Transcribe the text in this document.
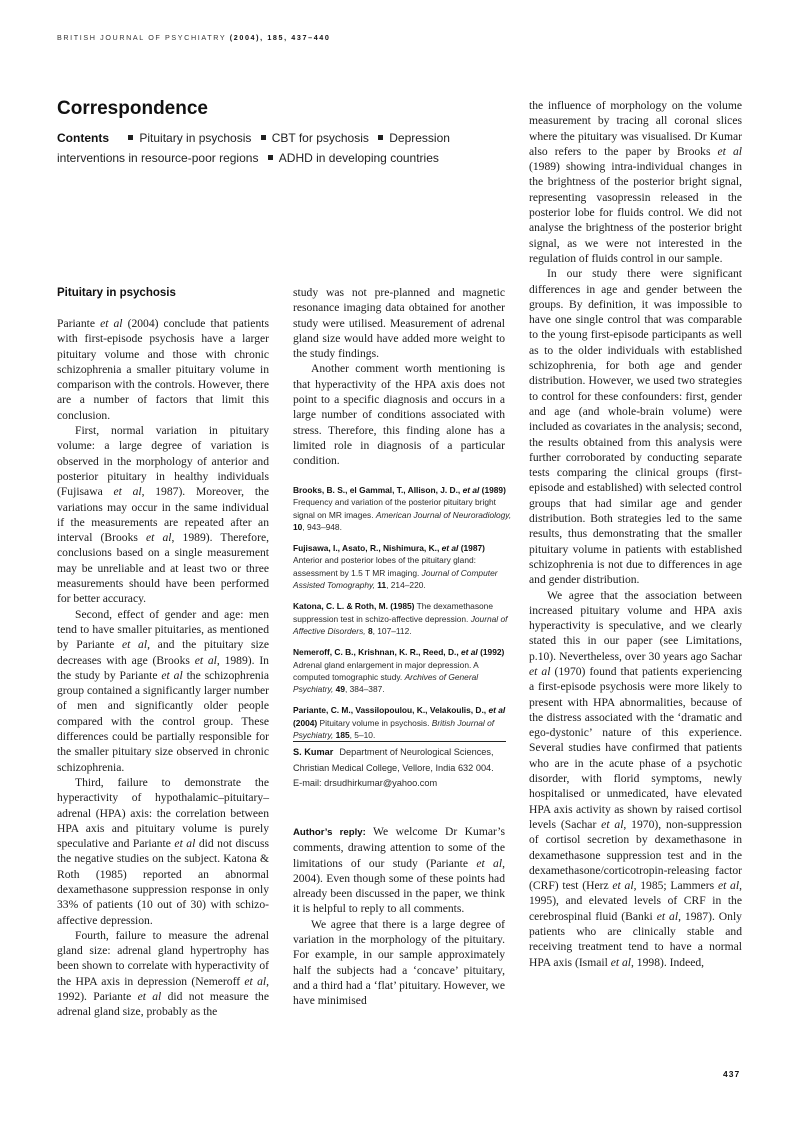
BRITISH JOURNAL OF PSYCHIATRY (2004), 185, 437–440
Correspondence
Contents	Pituitary in psychosis CBT for psychosis Depression interventions in resource-poor regions ADHD in developing countries
Pituitary in psychosis

Pariante et al (2004) conclude that patients with first-episode psychosis have a larger pituitary volume and those with chronic schizophrenia a smaller pituitary volume in comparison with the controls. However, there are a number of factors that limit this conclusion.

First, normal variation in pituitary volume: a large degree of variation is observed in the morphology of anterior and posterior pituitary in healthy individuals (Fujisawa et al, 1987). Moreover, the variations may occur in the same individual if the measurements are repeated after an interval (Brooks et al, 1989). Therefore, conclusions based on a single measurement may be unreliable and at least two or three measurements should have been performed for better accuracy.

Second, effect of gender and age: men tend to have smaller pituitaries, as mentioned by Pariante et al, and the pituitary size decreases with age (Brooks et al, 1989). In the study by Pariante et al the schizophrenia group contained a significantly larger number of men and significantly older people compared with the control group. These differences could be partially responsible for the smaller pituitary size observed in chronic schizophrenia.

Third, failure to demonstrate the hyperactivity of hypothalamic–pituitary–adrenal (HPA) axis: the correlation between HPA axis and pituitary volume is purely speculative and Pariante et al did not discuss the negative studies on the subject. Katona & Roth (1985) reported an abnormal dexamethasone suppression response in only 33% of patients (10 out of 30) with schizo-affective depression.

Fourth, failure to measure the adrenal gland size: adrenal gland hypertrophy has been shown to correlate with hyperactivity of the HPA axis in depression (Nemeroff et al, 1992). Pariante et al did not measure the adrenal gland size, probably as the

study was not pre-planned and magnetic resonance imaging data obtained for another study were utilised. Measurement of adrenal gland size would have added more weight to the study findings.

Another comment worth mentioning is that hyperactivity of the HPA axis does not point to a specific diagnosis and occurs in a large number of conditions associated with stress. Therefore, this finding alone has a limited role in diagnosis of a particular condition.

Brooks, B. S., el Gammal, T., Allison, J. D., et al (1989) Frequency and variation of the posterior pituitary bright signal on MR images. American Journal of Neuroradiology, 10, 943–948.
Fujisawa, I., Asato, R., Nishimura, K., et al (1987) Anterior and posterior lobes of the pituitary gland: assessment by 1.5 T MR imaging. Journal of Computer Assisted Tomography, 11, 214–220.
Katona, C. L. & Roth, M. (1985) The dexamethasone suppression test in schizo-affective depression. Journal of Affective Disorders, 8, 107–112.
Nemeroff, C. B., Krishnan, K. R., Reed, D., et al (1992) Adrenal gland enlargement in major depression. A computed tomographic study. Archives of General Psychiatry, 49, 384–387.
Pariante, C. M., Vassilopoulou, K., Velakoulis, D., et al (2004) Pituitary volume in psychosis. British Journal of Psychiatry, 185, 5–10.
S. Kumar Department of Neurological Sciences, Christian Medical College, Vellore, India 632 004.
E-mail: drsudhirkumar@yahoo.com

Author’s reply: We welcome Dr Kumar’s comments, drawing attention to some of the limitations of our study (Pariante et al, 2004). Even though some of these points had already been discussed in the paper, we think it is helpful to reply to all comments.

We agree that there is a large degree of variation in the morphology of the pituitary. For example, in our sample approximately half the subjects had a ‘concave’ pituitary, and a third had a ‘flat’ pituitary. However, we have minimised

the influence of morphology on the volume measurement by tracing all coronal slices where the pituitary was visualised. Dr Kumar also refers to the paper by Brooks et al (1989) showing intra-individual changes in the brightness of the posterior bright signal, representing vasopressin released in the posterior lobe for fluids control. We did not analyse the brightness of the posterior bright signal, as we were not interested in the regulation of fluids control in our sample.

In our study there were significant differences in age and gender between the groups. By definition, it was impossible to have one single control that was comparable to the young first-episode participants as well as to the older individuals with established schizophrenia, for both age and gender distribution. However, we used two strategies to control for these confounders: first, gender and age (and whole-brain volume) were included as covariates in the analysis; second, the results obtained from this analysis were further corroborated by conducting separate tests comparing the clinical groups (first-episode and established) with selected control groups that had similar age and gender distribution. Both strategies led to the same results, thus demonstrating that the smaller pituitary volume in patients with established schizophrenia is not due to differences in age and gender distribution.

We agree that the association between increased pituitary volume and HPA axis hyperactivity is speculative, and we clearly stated this in our paper (see Limitations, p.10). Nevertheless, over 30 years ago Sachar et al (1970) found that patients experiencing a first-episode psychosis were more likely to present with HPA abnormalities, because of the distress associated with the ‘dramatic and ego-dystonic’ nature of this experience. Several studies have confirmed that patients who are in the acute phase of a psychotic disorder, with florid symptoms, newly hospitalised or unmedicated, have elevated HPA axis activity as shown by raised cortisol levels (Sachar et al, 1970), non-suppression of cortisol secretion by dexamethasone in dexamethasone suppression test and in the dexamethasone/corticotropin-releasing factor (CRF) test (Herz et al, 1985; Lammers et al, 1995), and elevated levels of CRF in the cerebrospinal fluid (Banki et al, 1987). Only patients who are clinically stable and receiving treatment tend to have a normal HPA axis (Ismail et al, 1998). Indeed,

437
